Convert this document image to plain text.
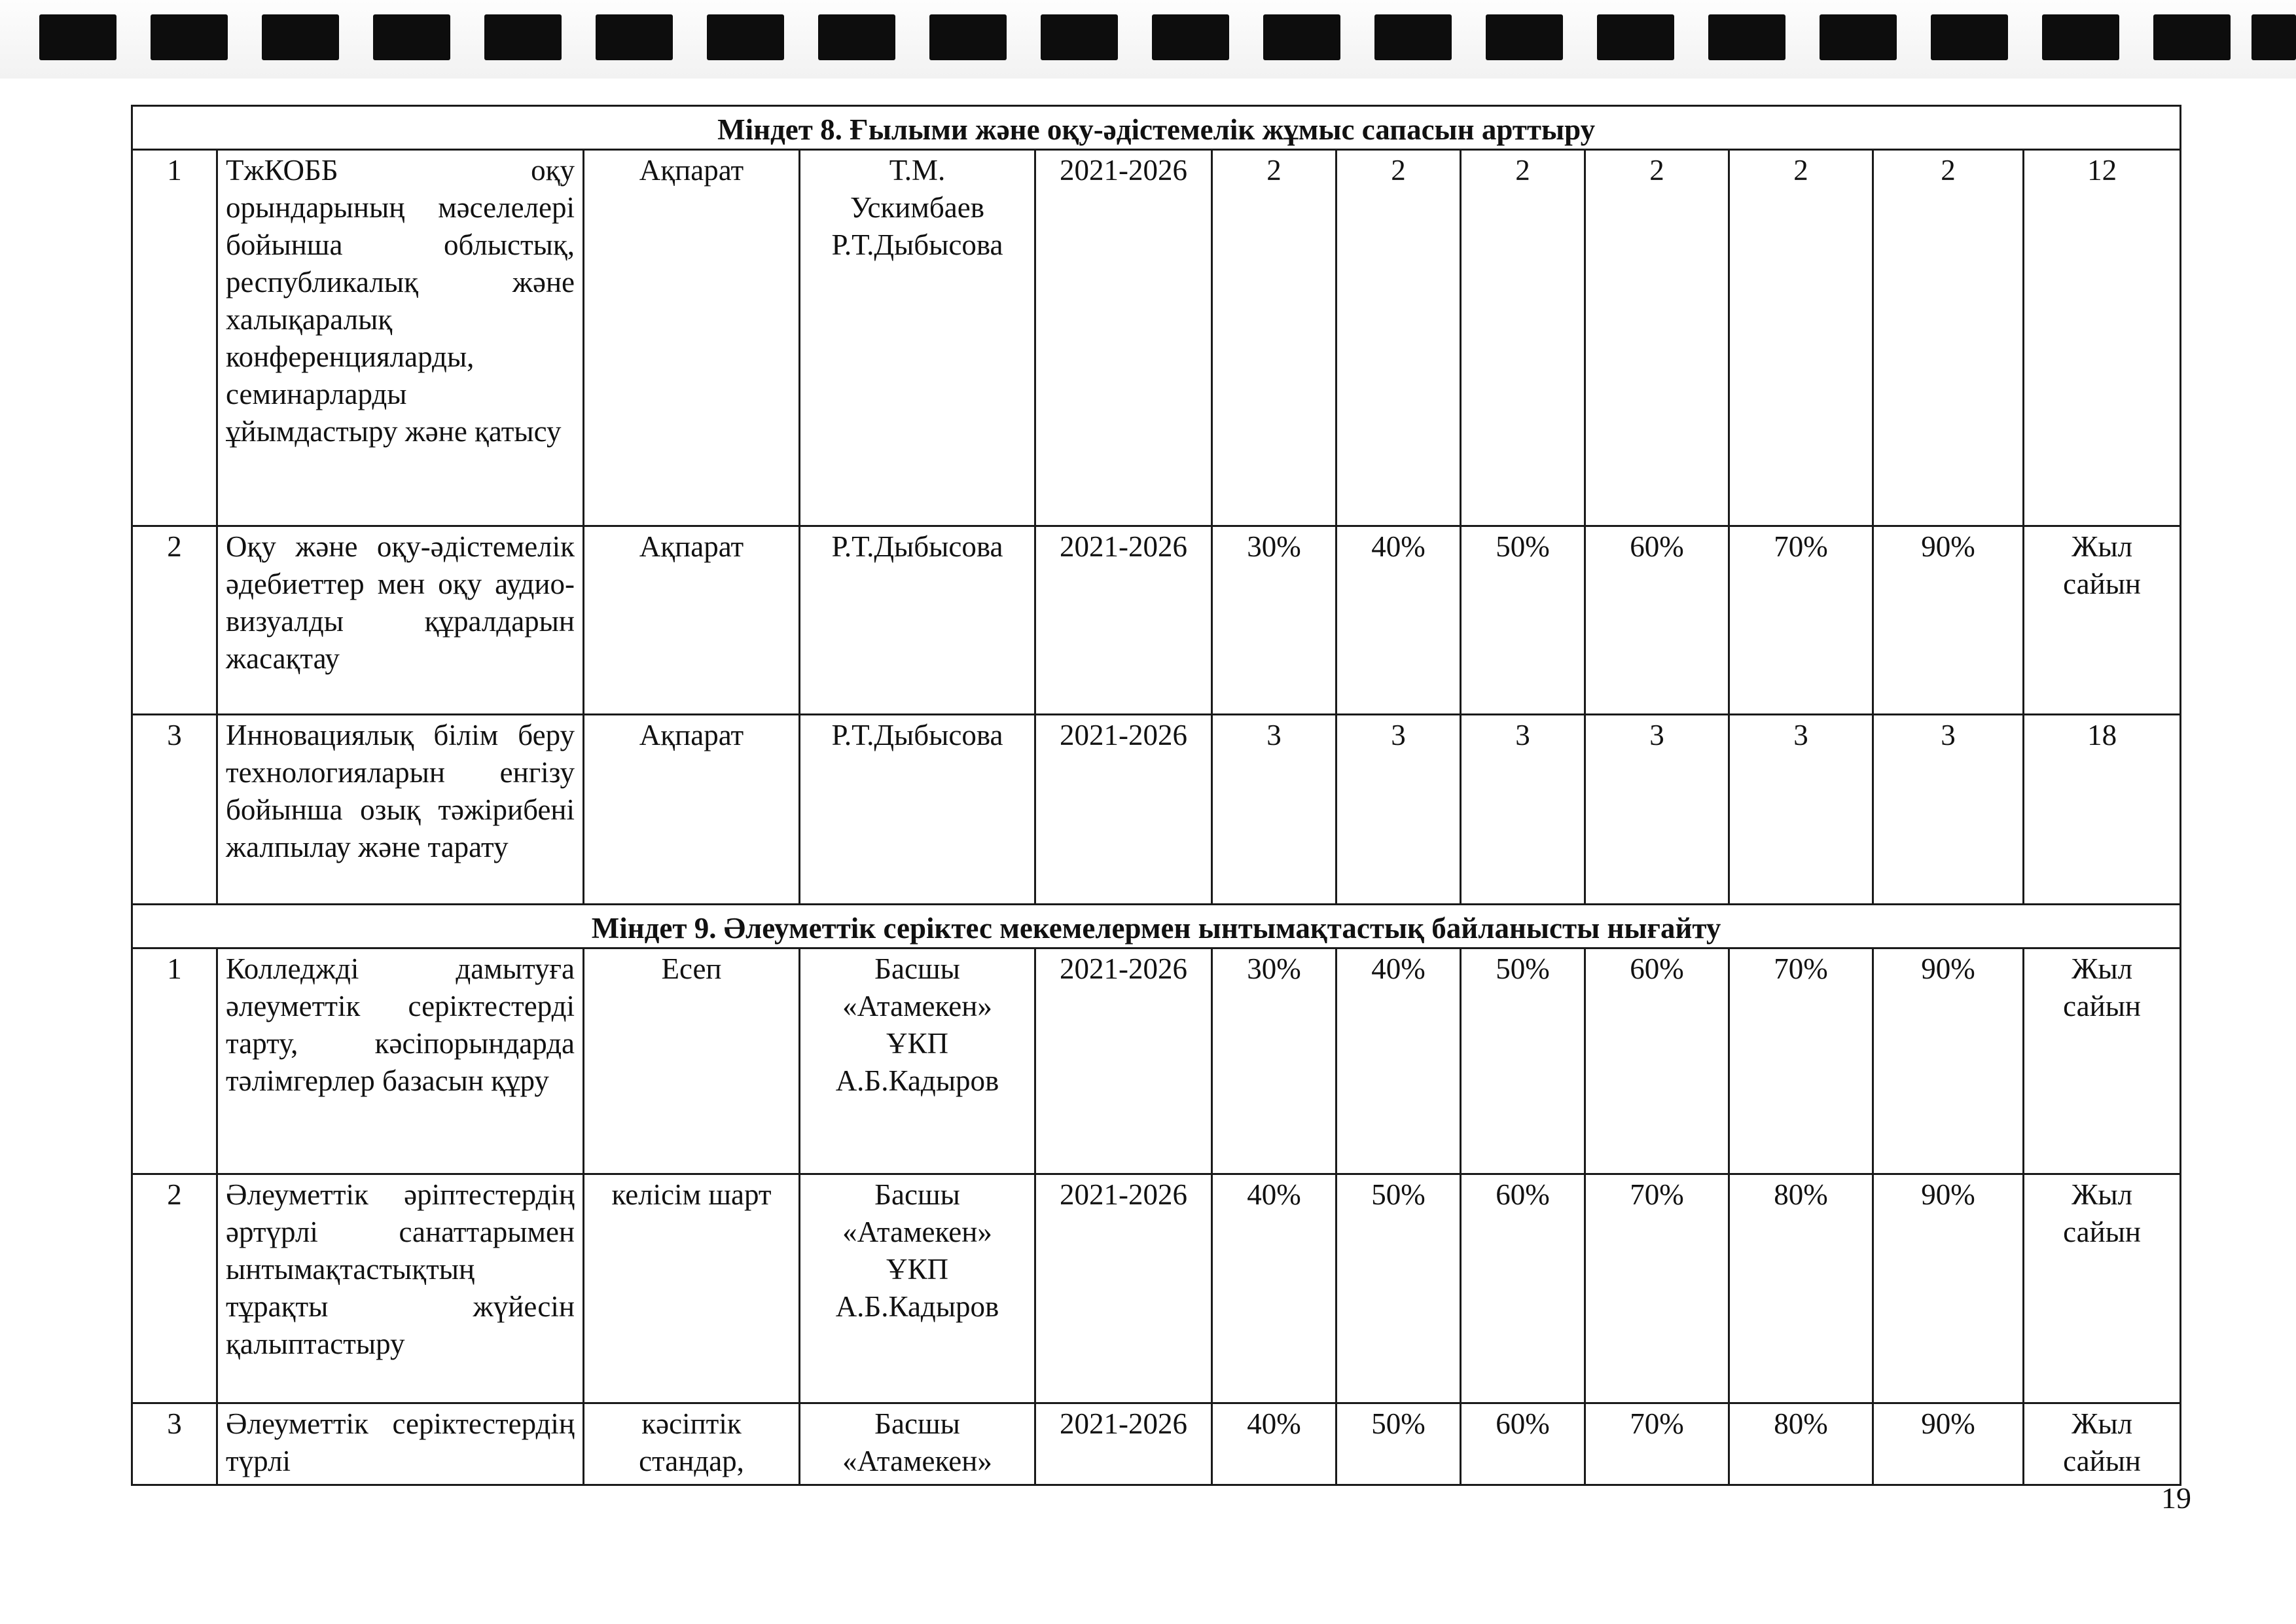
Міндет 8. Ғылыми және оқу-әдістемелік жұмыс сапасын арттыру											
1	ТжКОББ оқу орындарының мәселелері бойынша облыстық, республикалық және халықаралық конференцияларды, семинарларды ұйымдастыру және қатысу	Ақпарат	Т.М.
Ускимбаев
Р.Т.Дыбысова	2021-2026	2	2	2	2	2	2	12
2	Оқу және оқу-әдістемелік әдебиеттер мен оқу аудио-визуалды құралдарын жасақтау	Ақпарат	Р.Т.Дыбысова	2021-2026	30%	40%	50%	60%	70%	90%	Жыл сайын
3	Инновациялық білім беру технологияларын енгізу бойынша озық тәжірибені жалпылау және тарату	Ақпарат	Р.Т.Дыбысова	2021-2026	3	3	3	3	3	3	18
Міндет 9. Әлеуметтік серіктес мекемелермен ынтымақтастық байланысты нығайту											
1	Колледжді дамытуға әлеуметтік серіктестерді тарту, кәсіпорындарда тәлімгерлер базасын құру	Есеп	Басшы
«Атамекен»
ҰКП
А.Б.Кадыров	2021-2026	30%	40%	50%	60%	70%	90%	Жыл сайын
2	Әлеуметтік әріптестердің әртүрлі санаттарымен ынтымақтастықтың тұрақты жүйесін қалыптастыру	келісім шарт	Басшы
«Атамекен»
ҰКП
А.Б.Кадыров	2021-2026	40%	50%	60%	70%	80%	90%	Жыл сайын
3	Әлеуметтік серіктестердің түрлі	кәсіптік стандар,	Басшы
«Атамекен»	2021-2026	40%	50%	60%	70%	80%	90%	Жыл сайын
19
